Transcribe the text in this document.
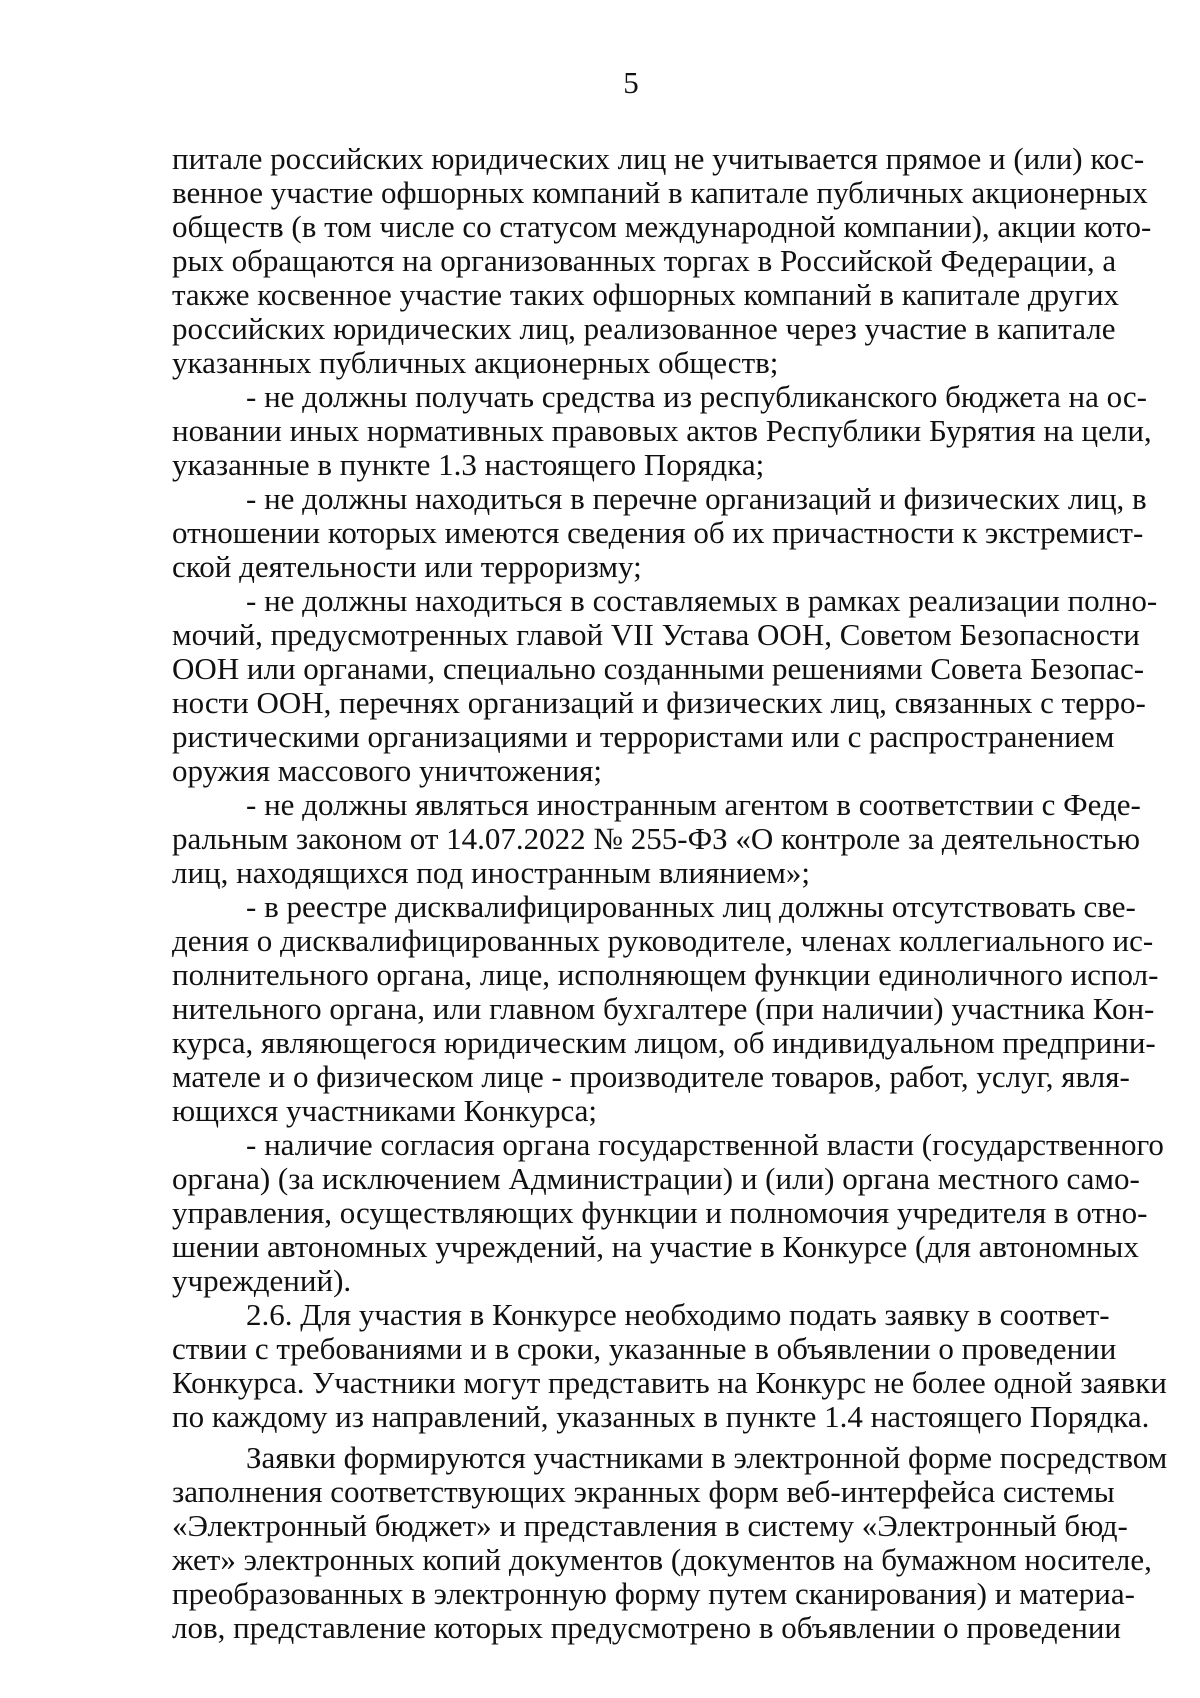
5
питале российских юридических лиц не учитывается прямое и (или) кос-
венное участие офшорных компаний в капитале публичных акционерных
обществ (в том числе со статусом международной компании), акции кото-
рых обращаются на организованных торгах в Российской Федерации, а
также косвенное участие таких офшорных компаний в капитале других
российских юридических лиц, реализованное через участие в капитале
указанных публичных акционерных обществ;
- не должны получать средства из республиканского бюджета на ос-
новании иных нормативных правовых актов Республики Бурятия на цели,
указанные в пункте 1.3 настоящего Порядка;
- не должны находиться в перечне организаций и физических лиц, в
отношении которых имеются сведения об их причастности к экстремист-
ской деятельности или терроризму;
- не должны находиться в составляемых в рамках реализации полно-
мочий, предусмотренных главой VII Устава ООН, Советом Безопасности
ООН или органами, специально созданными решениями Совета Безопас-
ности ООН, перечнях организаций и физических лиц, связанных с терро-
ристическими организациями и террористами или с распространением
оружия массового уничтожения;
- не должны являться иностранным агентом в соответствии с Феде-
ральным законом от 14.07.2022 № 255-ФЗ «О контроле за деятельностью
лиц, находящихся под иностранным влиянием»;
- в реестре дисквалифицированных лиц должны отсутствовать све-
дения о дисквалифицированных руководителе, членах коллегиального ис-
полнительного органа, лице, исполняющем функции единоличного испол-
нительного органа, или главном бухгалтере (при наличии) участника Кон-
курса, являющегося юридическим лицом, об индивидуальном предприни-
мателе и о физическом лице - производителе товаров, работ, услуг, явля-
ющихся участниками Конкурса;
- наличие согласия органа государственной власти (государственного
органа) (за исключением Администрации) и (или) органа местного само-
управления, осуществляющих функции и полномочия учредителя в отно-
шении автономных учреждений, на участие в Конкурсе (для автономных
учреждений).
2.6. Для участия в Конкурсе необходимо подать заявку в соответ-
ствии с требованиями и в сроки, указанные в объявлении о проведении
Конкурса. Участники могут представить на Конкурс не более одной заявки
по каждому из направлений, указанных в пункте 1.4 настоящего Порядка.
Заявки формируются участниками в электронной форме посредством
заполнения соответствующих экранных форм веб-интерфейса системы
«Электронный бюджет» и представления в систему «Электронный бюд-
жет» электронных копий документов (документов на бумажном носителе,
преобразованных в электронную форму путем сканирования) и материа-
лов, представление которых предусмотрено в объявлении о проведении
